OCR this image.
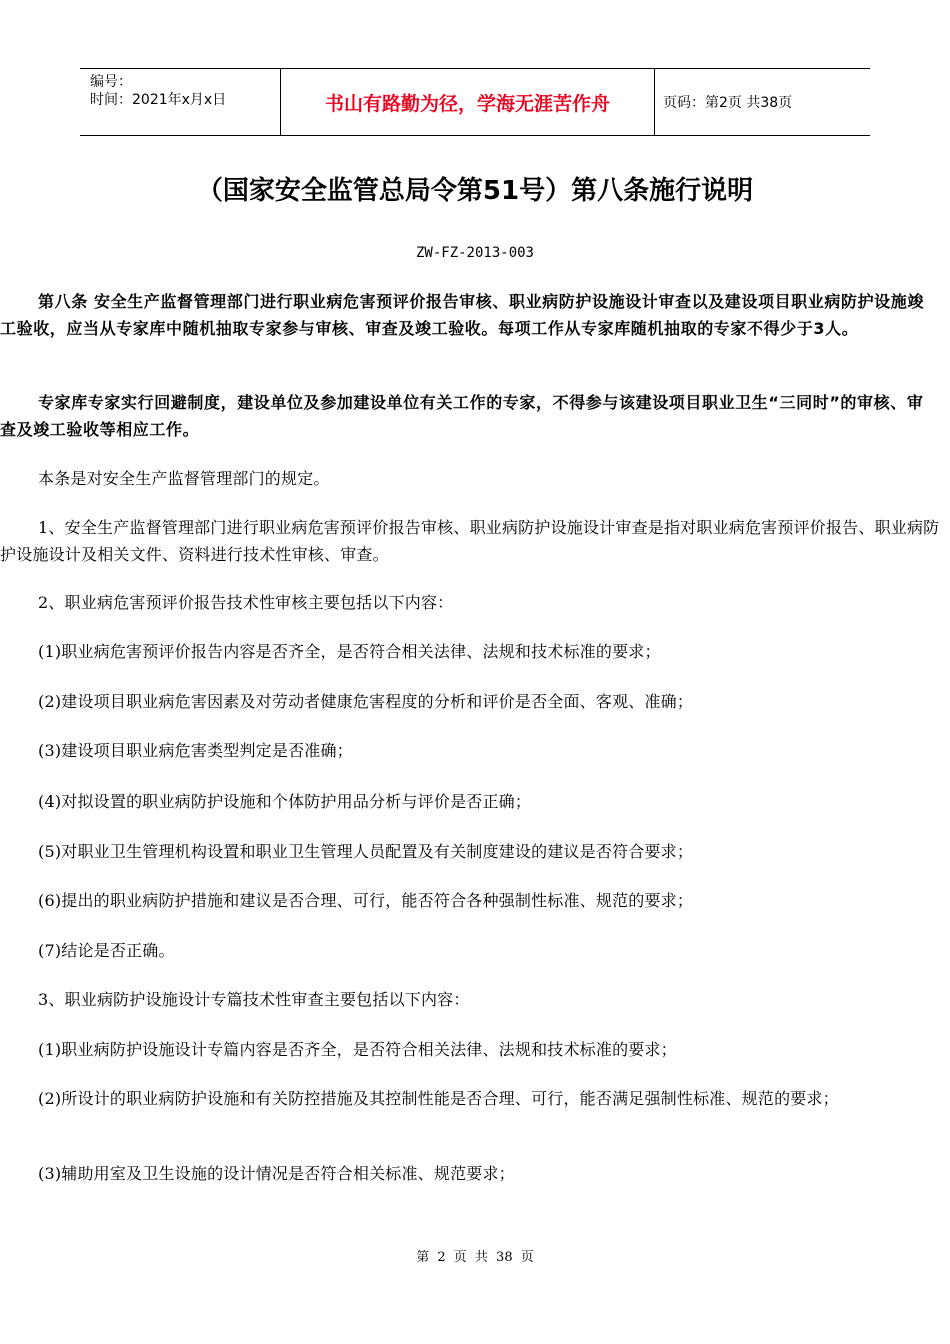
编号：
时间：2021年x月x日	书山有路勤为径，学海无涯苦作舟	页码：第2页 共38页
（国家安全监管总局令第51号）第八条施行说明
ZW-FZ-2013-003

第八条 安全生产监督管理部门进行职业病危害预评价报告审核、职业病防护设施设计审查以及建设项目职业病防护设施竣工验收，应当从专家库中随机抽取专家参与审核、审查及竣工验收。每项工作从专家库随机抽取的专家不得少于3人。

专家库专家实行回避制度，建设单位及参加建设单位有关工作的专家，不得参与该建设项目职业卫生“三同时”的审核、审查及竣工验收等相应工作。

本条是对安全生产监督管理部门的规定。

1、安全生产监督管理部门进行职业病危害预评价报告审核、职业病防护设施设计审查是指对职业病危害预评价报告、职业病防护设施设计及相关文件、资料进行技术性审核、审查。

2、职业病危害预评价报告技术性审核主要包括以下内容：

(1)职业病危害预评价报告内容是否齐全，是否符合相关法律、法规和技术标准的要求；

(2)建设项目职业病危害因素及对劳动者健康危害程度的分析和评价是否全面、客观、准确；

(3)建设项目职业病危害类型判定是否准确；

(4)对拟设置的职业病防护设施和个体防护用品分析与评价是否正确；

(5)对职业卫生管理机构设置和职业卫生管理人员配置及有关制度建设的建议是否符合要求；

(6)提出的职业病防护措施和建议是否合理、可行，能否符合各种强制性标准、规范的要求；

(7)结论是否正确。

3、职业病防护设施设计专篇技术性审查主要包括以下内容：

(1)职业病防护设施设计专篇内容是否齐全，是否符合相关法律、法规和技术标准的要求；

(2)所设计的职业病防护设施和有关防控措施及其控制性能是否合理、可行，能否满足强制性标准、规范的要求；

(3)辅助用室及卫生设施的设计情况是否符合相关标准、规范要求；

第 2 页 共 38 页
